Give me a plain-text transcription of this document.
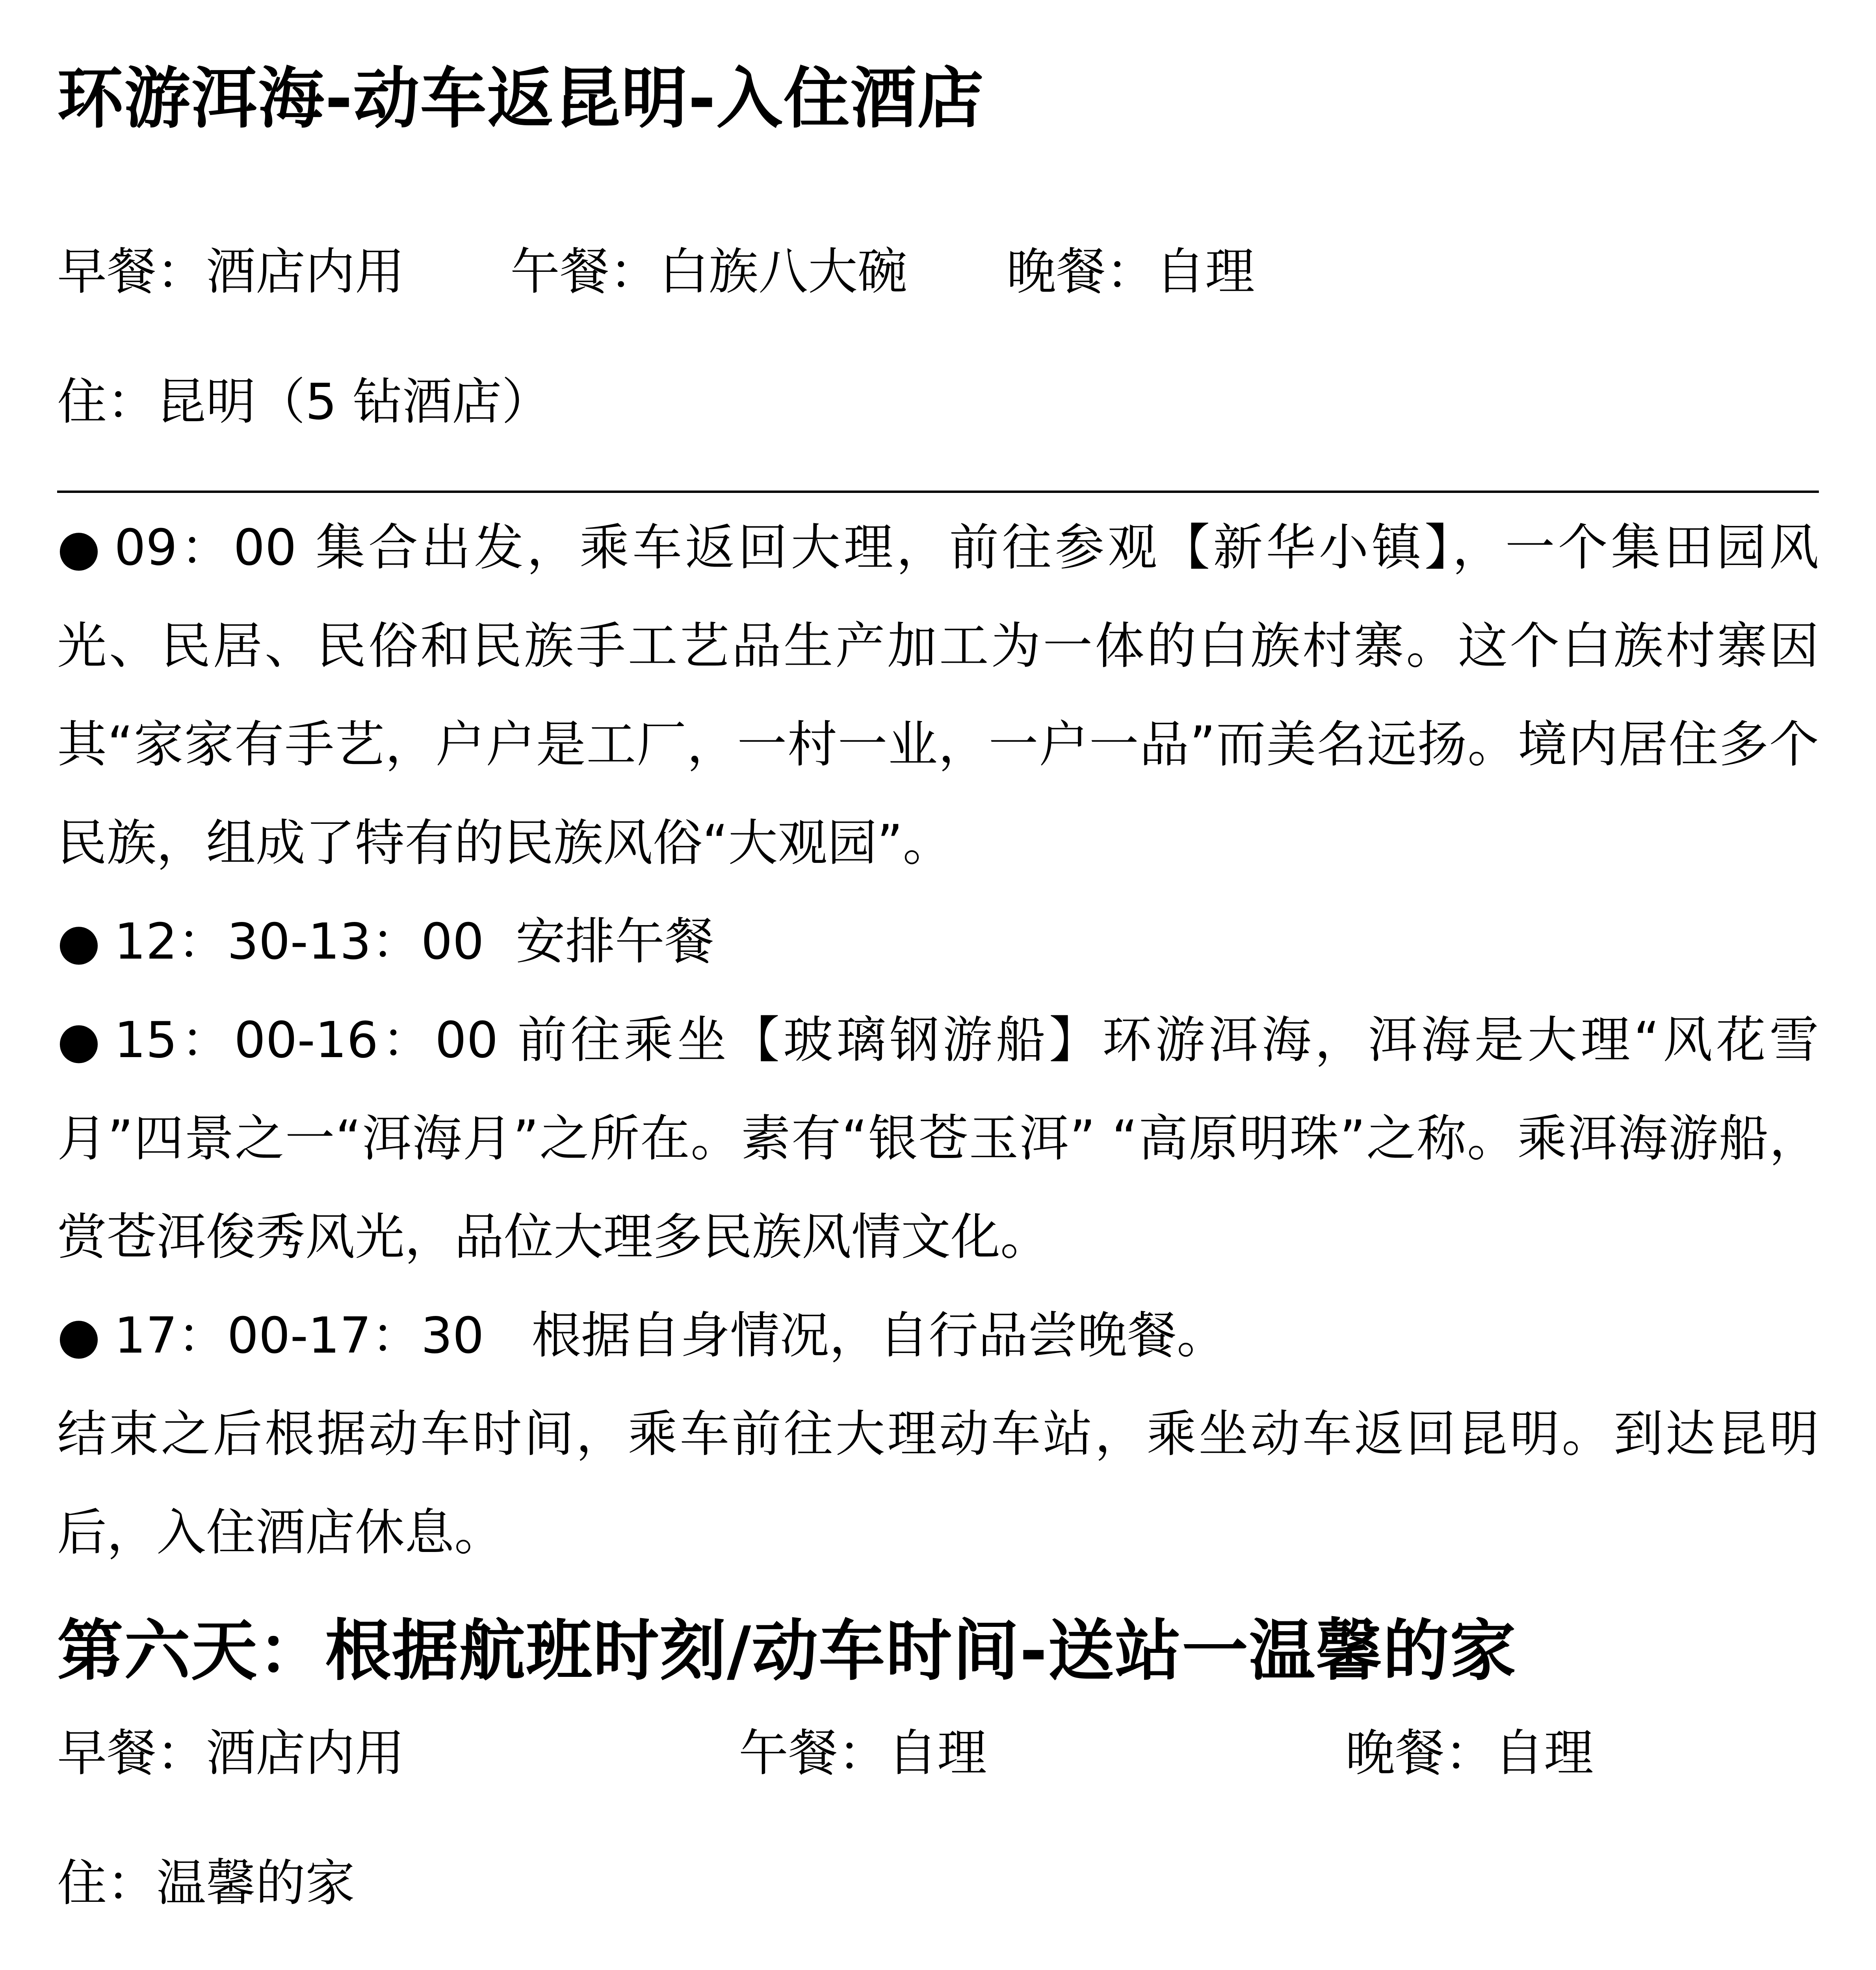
环游洱海-动车返昆明-入住酒店
早餐：酒店内用 午餐：白族八大碗 晚餐：自理
住：昆明（5 钻酒店）

● 09：00 集合出发，乘车返回大理，前往参观【新华小镇】，一个集田园风光、民居、民俗和民族手工艺品生产加工为一体的白族村寨。这个白族村寨因其“家家有手艺，户户是工厂，一村一业，一户一品”而美名远扬。境内居住多个民族，组成了特有的民族风俗“大观园”。

● 12：30-13：00  安排午餐

● 15：00-16：00 前往乘坐【玻璃钢游船】环游洱海，洱海是大理“风花雪月”四景之一“洱海月”之所在。素有“银苍玉洱” “高原明珠”之称。乘洱海游船，赏苍洱俊秀风光，品位大理多民族风情文化。

● 17：00-17：30   根据自身情况，自行品尝晚餐。

结束之后根据动车时间，乘车前往大理动车站，乘坐动车返回昆明。到达昆明后，入住酒店休息。

第六天：根据航班时刻/动车时间-送站一温馨的家
早餐：酒店内用	午餐：自理	晚餐：自理
住：温馨的家
